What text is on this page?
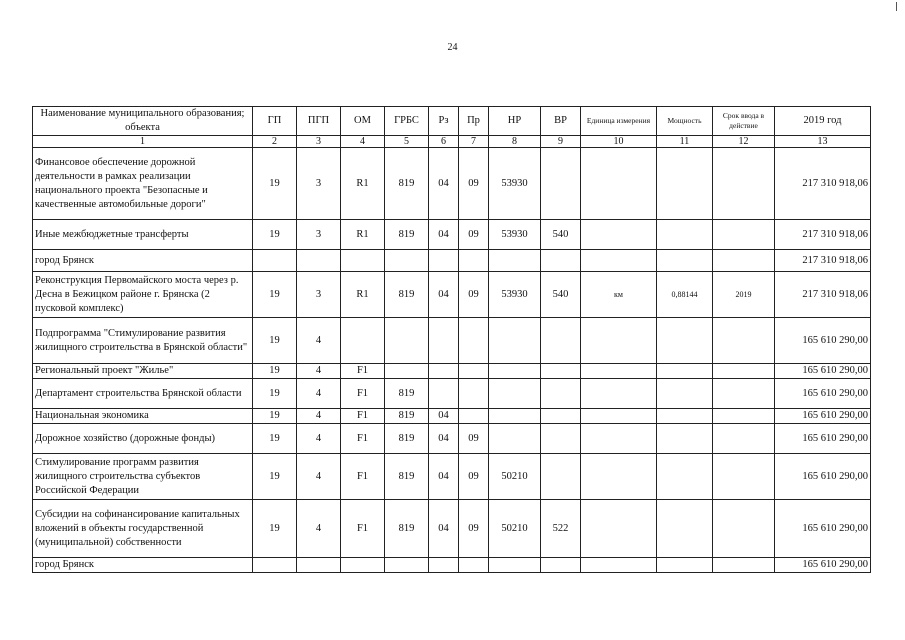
24
Наименование муниципального образования; объекта	ГП	ПГП	ОМ	ГРБС	Рз	Пр	НР	ВР	Единица измерения	Мощность	Срок ввода в действие	2019 год
1	2	3	4	5	6	7	8	9	10	11	12	13
Финансовое обеспечение дорожной деятельности в рамках реализации национального проекта "Безопасные и качественные автомобильные дороги"	19	3	R1	819	04	09	53930					217 310 918,06
Иные межбюджетные трансферты	19	3	R1	819	04	09	53930	540				217 310 918,06
город Брянск												217 310 918,06
Реконструкция Первомайского моста через р. Десна в Бежицком районе г. Брянска (2 пусковой комплекс)	19	3	R1	819	04	09	53930	540	км	0,88144	2019	217 310 918,06
Подпрограмма "Стимулирование развития жилищного строительства в Брянской области"	19	4										165 610 290,00
Региональный проект "Жилье"	19	4	F1									165 610 290,00
Департамент строительства Брянской области	19	4	F1	819								165 610 290,00
Национальная экономика	19	4	F1	819	04							165 610 290,00
Дорожное хозяйство (дорожные фонды)	19	4	F1	819	04	09						165 610 290,00
Стимулирование программ развития жилищного строительства субъектов Российской Федерации	19	4	F1	819	04	09	50210					165 610 290,00
Субсидии на софинансирование капитальных вложений в объекты государственной (муниципальной) собственности	19	4	F1	819	04	09	50210	522				165 610 290,00
город Брянск												165 610 290,00
